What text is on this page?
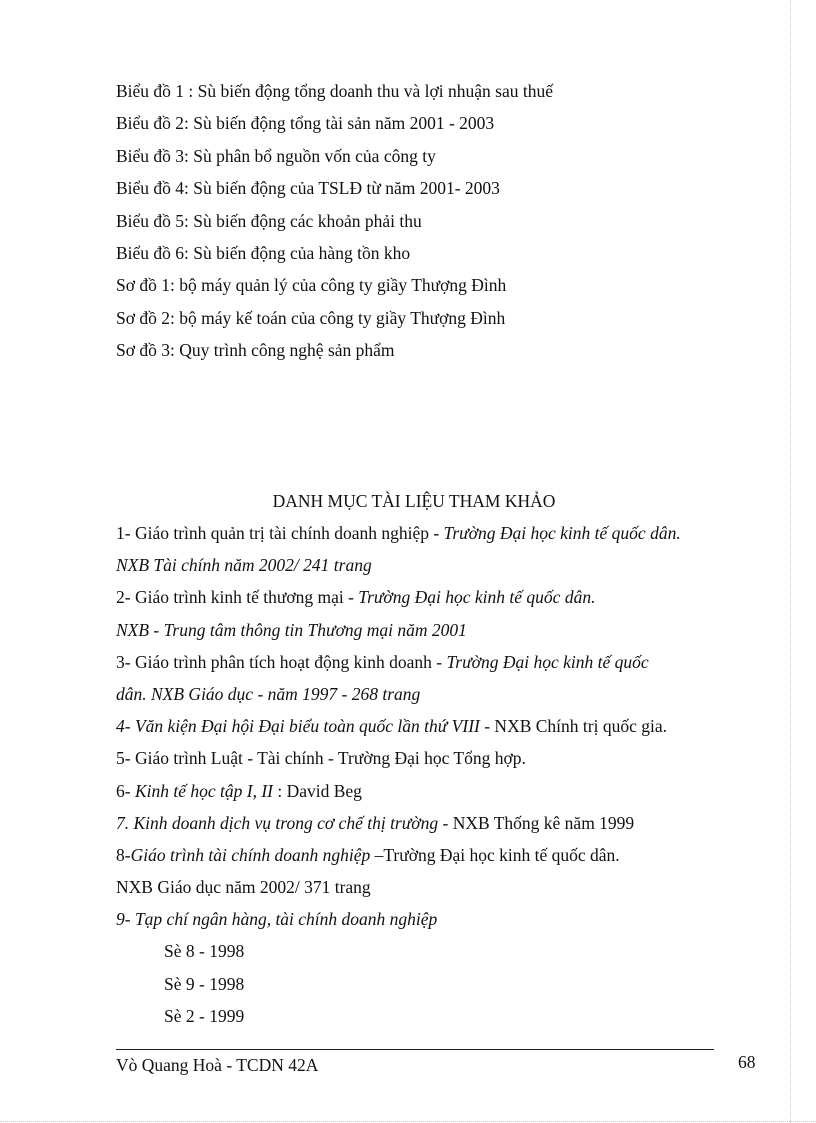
Biểu đồ 1 : Sù biến động tổng doanh thu và lợi nhuận sau thuế
Biểu đồ 2: Sù biến động tổng tài sản năm 2001 - 2003
Biểu đồ 3: Sù phân bổ nguồn vốn của công ty
Biểu đồ 4: Sù biến động của TSLĐ từ năm 2001- 2003
Biểu đồ 5: Sù biến động các khoản phải thu
Biểu đồ 6: Sù biến động của hàng tồn kho
Sơ đồ 1: bộ máy quản lý của công ty giầy Thượng Đình
Sơ đồ 2: bộ máy kế toán của công ty giầy Thượng Đình
Sơ đồ 3: Quy trình công nghệ sản phẩm
DANH MỤC TÀI LIỆU THAM KHẢO
1- Giáo trình quản trị tài chính doanh nghiệp - Trường Đại học kinh tế quốc dân.
NXB Tài chính năm 2002/ 241 trang
2- Giáo trình kinh tế thương mại - Trường Đại học kinh tế quốc dân.
NXB - Trung tâm thông tin Thương mại năm 2001
3- Giáo trình phân tích hoạt động kinh doanh - Trường Đại học kinh tế quốc
dân. NXB Giáo dục - năm 1997 - 268 trang
4- Văn kiện Đại hội Đại biểu toàn quốc lần thứ VIII - NXB Chính trị quốc gia.
5- Giáo trình Luật - Tài chính - Trường Đại học Tổng hợp.
6- Kinh tế học tập I, II : David Beg
7. Kinh doanh dịch vụ trong cơ chế thị trường - NXB Thống kê năm 1999
8-Giáo trình tài chính doanh nghiệp –Trường Đại học kinh tế quốc dân.
NXB Giáo dục năm 2002/ 371 trang
9- Tạp chí ngân hàng, tài chính doanh nghiệp
Sè 8 - 1998
Sè 9 - 1998
Sè 2 - 1999
Vò Quang Hoà - TCDN 42A	68
